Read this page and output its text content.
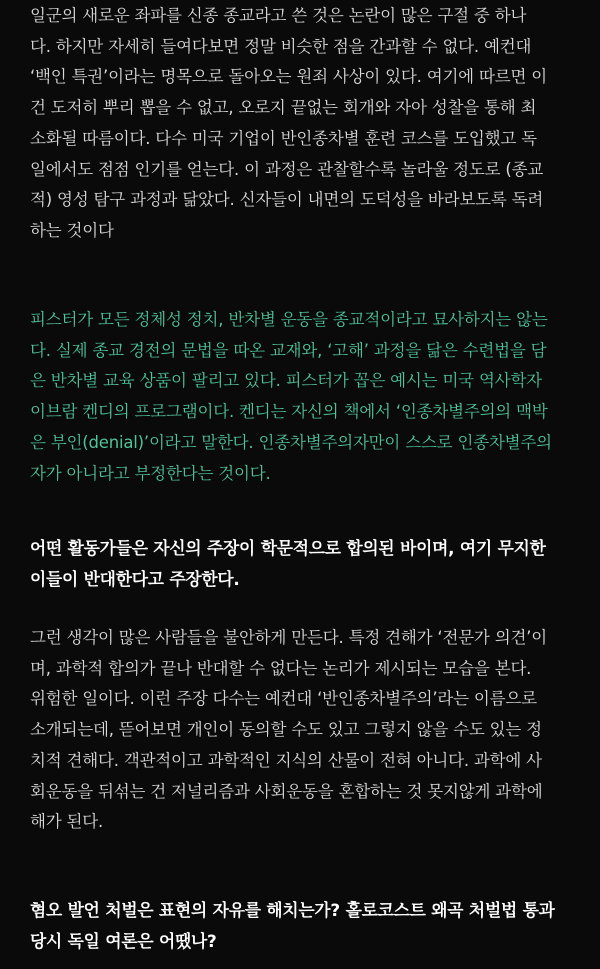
일군의 새로운 좌파를 신종 종교라고 쓴 것은 논란이 많은 구절 중 하나
다. 하지만 자세히 들여다보면 정말 비슷한 점을 간과할 수 없다. 예컨대
‘백인 특권’이라는 명목으로 돌아오는 원죄 사상이 있다. 여기에 따르면 이
건 도저히 뿌리 뽑을 수 없고, 오로지 끝없는 회개와 자아 성찰을 통해 최
소화될 따름이다. 다수 미국 기업이 반인종차별 훈련 코스를 도입했고 독
일에서도 점점 인기를 얻는다. 이 과정은 관찰할수록 놀라울 정도로 (종교
적) 영성 탐구 과정과 닮았다. 신자들이 내면의 도덕성을 바라보도록 독려
하는 것이다

피스터가 모든 정체성 정치, 반차별 운동을 종교적이라고 묘사하지는 않는
다. 실제 종교 경전의 문법을 따온 교재와, ‘고해’ 과정을 닮은 수련법을 담
은 반차별 교육 상품이 팔리고 있다. 피스터가 꼽은 예시는 미국 역사학자
이브람 켄디의 프로그램이다. 켄디는 자신의 책에서 ‘인종차별주의의 맥박
은 부인(denial)’이라고 말한다. 인종차별주의자만이 스스로 인종차별주의
자가 아니라고 부정한다는 것이다.

어떤 활동가들은 자신의 주장이 학문적으로 합의된 바이며, 여기 무지한
이들이 반대한다고 주장한다.

그런 생각이 많은 사람들을 불안하게 만든다. 특정 견해가 ‘전문가 의견’이
며, 과학적 합의가 끝나 반대할 수 없다는 논리가 제시되는 모습을 본다.
위험한 일이다. 이런 주장 다수는 예컨대 ‘반인종차별주의’라는 이름으로
소개되는데, 뜯어보면 개인이 동의할 수도 있고 그렇지 않을 수도 있는 정
치적 견해다. 객관적이고 과학적인 지식의 산물이 전혀 아니다. 과학에 사
회운동을 뒤섞는 건 저널리즘과 사회운동을 혼합하는 것 못지않게 과학에
해가 된다.

혐오 발언 처벌은 표현의 자유를 해치는가? 홀로코스트 왜곡 처벌법 통과
당시 독일 여론은 어땠나?
